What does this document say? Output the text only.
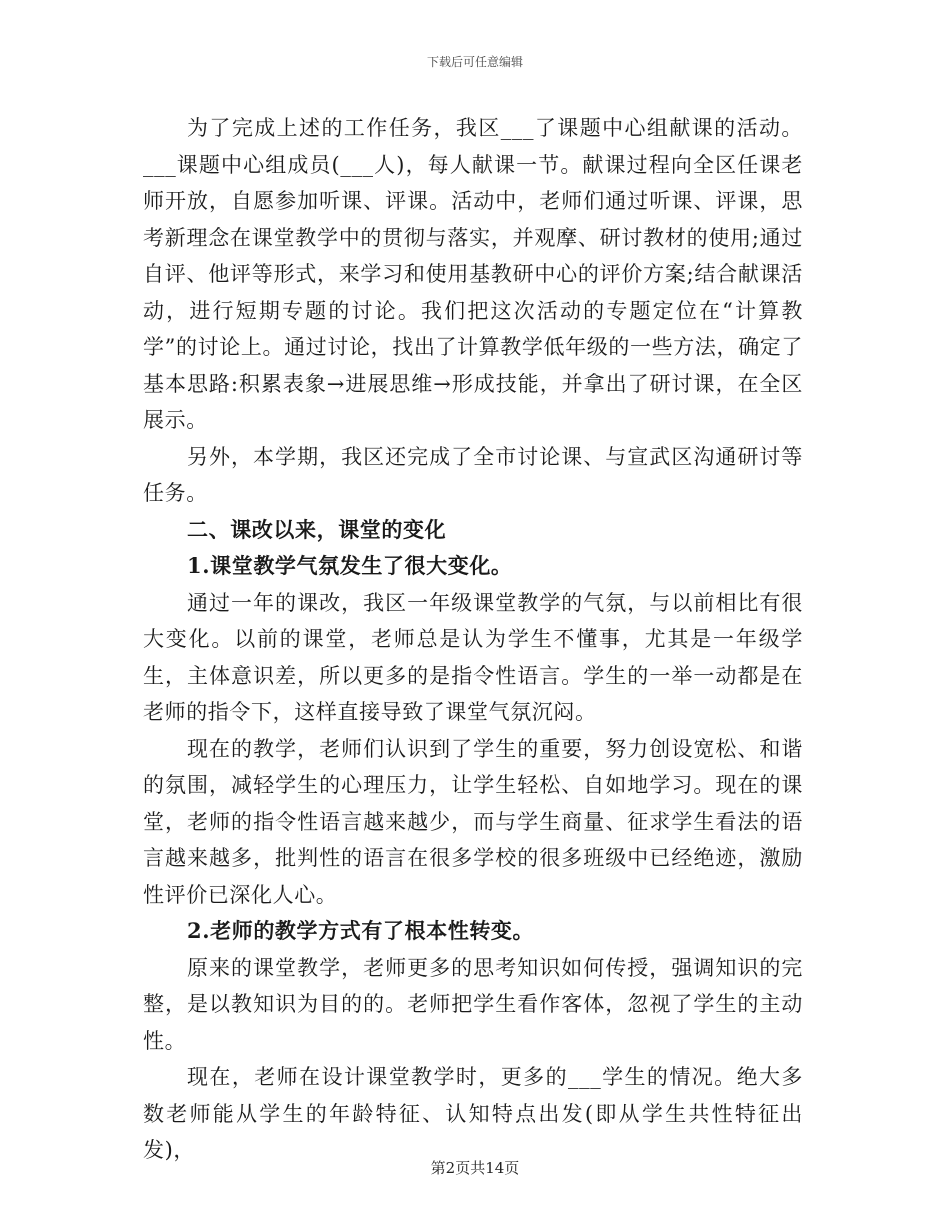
下载后可任意编辑

为了完成上述的工作任务，我区___了课题中心组献课的活动。___课题中心组成员(___人)，每人献课一节。献课过程向全区任课老师开放，自愿参加听课、评课。活动中，老师们通过听课、评课，思考新理念在课堂教学中的贯彻与落实，并观摩、研讨教材的使用;通过自评、他评等形式，来学习和使用基教研中心的评价方案;结合献课活动，进行短期专题的讨论。我们把这次活动的专题定位在“计算教学”的讨论上。通过讨论，找出了计算教学低年级的一些方法，确定了基本思路:积累表象→进展思维→形成技能，并拿出了研讨课，在全区展示。

另外，本学期，我区还完成了全市讨论课、与宣武区沟通研讨等任务。

二、课改以来，课堂的变化

1.课堂教学气氛发生了很大变化。

通过一年的课改，我区一年级课堂教学的气氛，与以前相比有很大变化。以前的课堂，老师总是认为学生不懂事，尤其是一年级学生，主体意识差，所以更多的是指令性语言。学生的一举一动都是在老师的指令下，这样直接导致了课堂气氛沉闷。

现在的教学，老师们认识到了学生的重要，努力创设宽松、和谐的氛围，减轻学生的心理压力，让学生轻松、自如地学习。现在的课堂，老师的指令性语言越来越少，而与学生商量、征求学生看法的语言越来越多，批判性的语言在很多学校的很多班级中已经绝迹，激励性评价已深化人心。

2.老师的教学方式有了根本性转变。

原来的课堂教学，老师更多的思考知识如何传授，强调知识的完整，是以教知识为目的的。老师把学生看作客体，忽视了学生的主动性。

现在，老师在设计课堂教学时，更多的___学生的情况。绝大多数老师能从学生的年龄特征、认知特点出发(即从学生共性特征出发)，

第2页共14页
